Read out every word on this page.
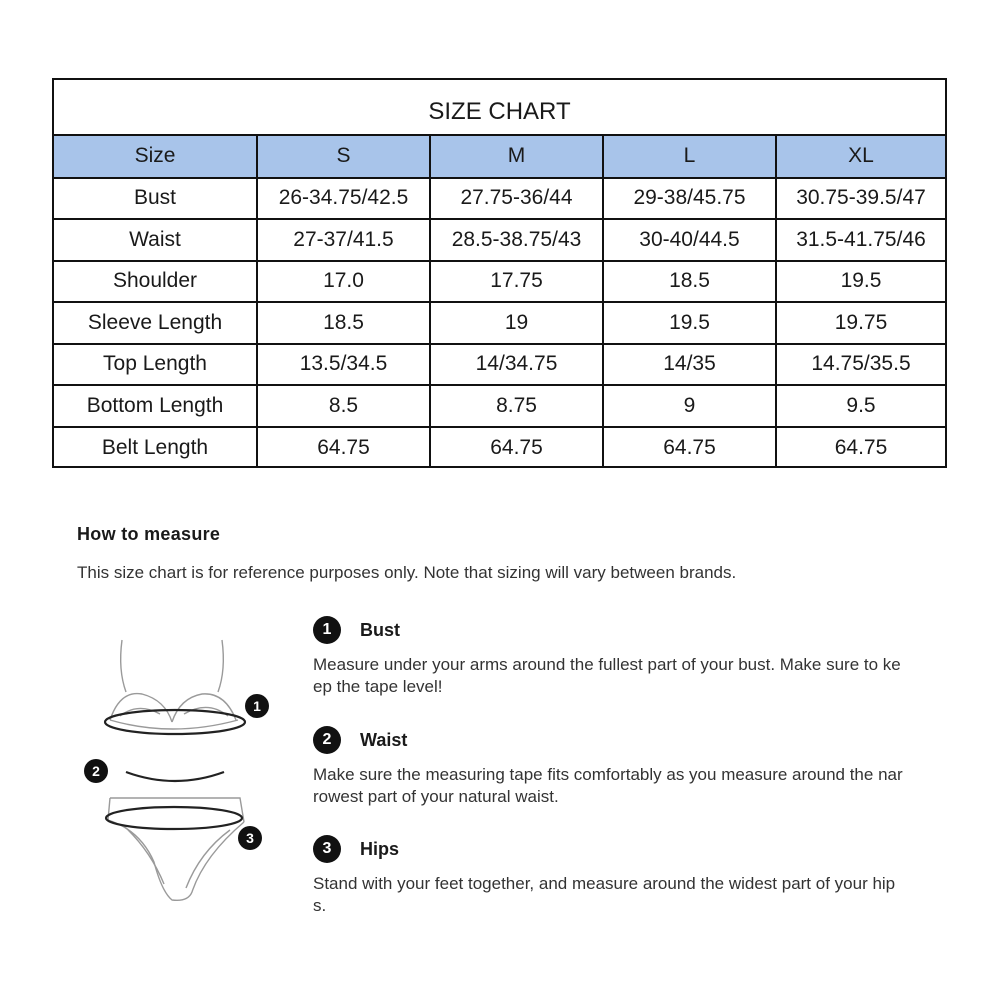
SIZE CHART
Size	S	M	L	XL
Bust	26-34.75/42.5	27.75-36/44	29-38/45.75	30.75-39.5/47
Waist	27-37/41.5	28.5-38.75/43	30-40/44.5	31.5-41.75/46
Shoulder	17.0	17.75	18.5	19.5
Sleeve Length	18.5	19	19.5	19.75
Top Length	13.5/34.5	14/34.75	14/35	14.75/35.5
Bottom Length	8.5	8.75	9	9.5
Belt Length	64.75	64.75	64.75	64.75
How to measure
This size chart is for reference purposes only. Note that sizing will vary between brands.
1
2
3
1	Bust
Measure under your arms around the fullest part of your bust. Make sure to keep the tape level!
2	Waist
Make sure the measuring tape fits comfortably as you measure around the narrowest part of your natural waist.
3	Hips
Stand with your feet together, and measure around the widest part of your hips.
